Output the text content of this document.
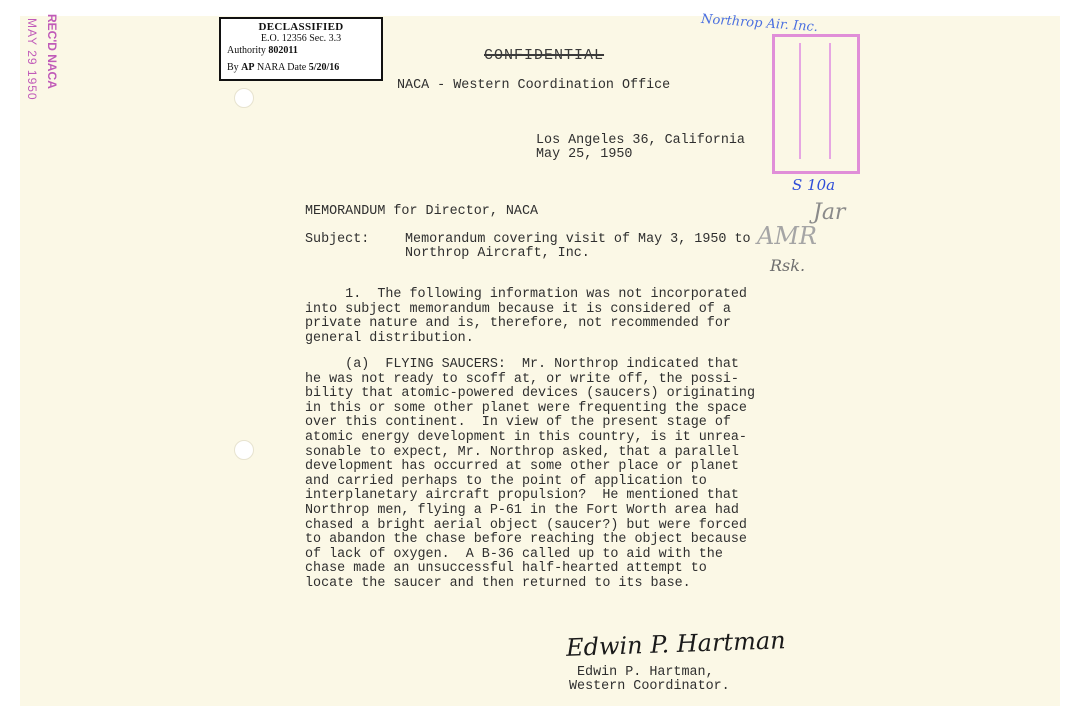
DECLASSIFIED
E.O. 12356 Sec. 3.3
Authority 802011
By AP NARA Date 5/20/16
CONFIDENTIAL
NACA - Western Coordination Office
Northrop Air. Inc.
REC'D NACA
MAY 29 1950
Los Angeles 36, California
May 25, 1950
S 10a
Jar
AMR
Rsk.
MEMORANDUM for Director, NACA
Subject:	Memorandum covering visit of May 3, 1950 to
Northrop Aircraft, Inc.
1.  The following information was not incorporated
into subject memorandum because it is considered of a
private nature and is, therefore, not recommended for
general distribution.
(a)  FLYING SAUCERS:  Mr. Northrop indicated that
he was not ready to scoff at, or write off, the possi-
bility that atomic-powered devices (saucers) originating
in this or some other planet were frequenting the space
over this continent.  In view of the present stage of
atomic energy development in this country, is it unrea-
sonable to expect, Mr. Northrop asked, that a parallel
development has occurred at some other place or planet
and carried perhaps to the point of application to
interplanetary aircraft propulsion?  He mentioned that
Northrop men, flying a P-61 in the Fort Worth area had
chased a bright aerial object (saucer?) but were forced
to abandon the chase before reaching the object because
of lack of oxygen.  A B-36 called up to aid with the
chase made an unsuccessful half-hearted attempt to
locate the saucer and then returned to its base.
Edwin P. Hartman
Edwin P. Hartman,
Western Coordinator.
